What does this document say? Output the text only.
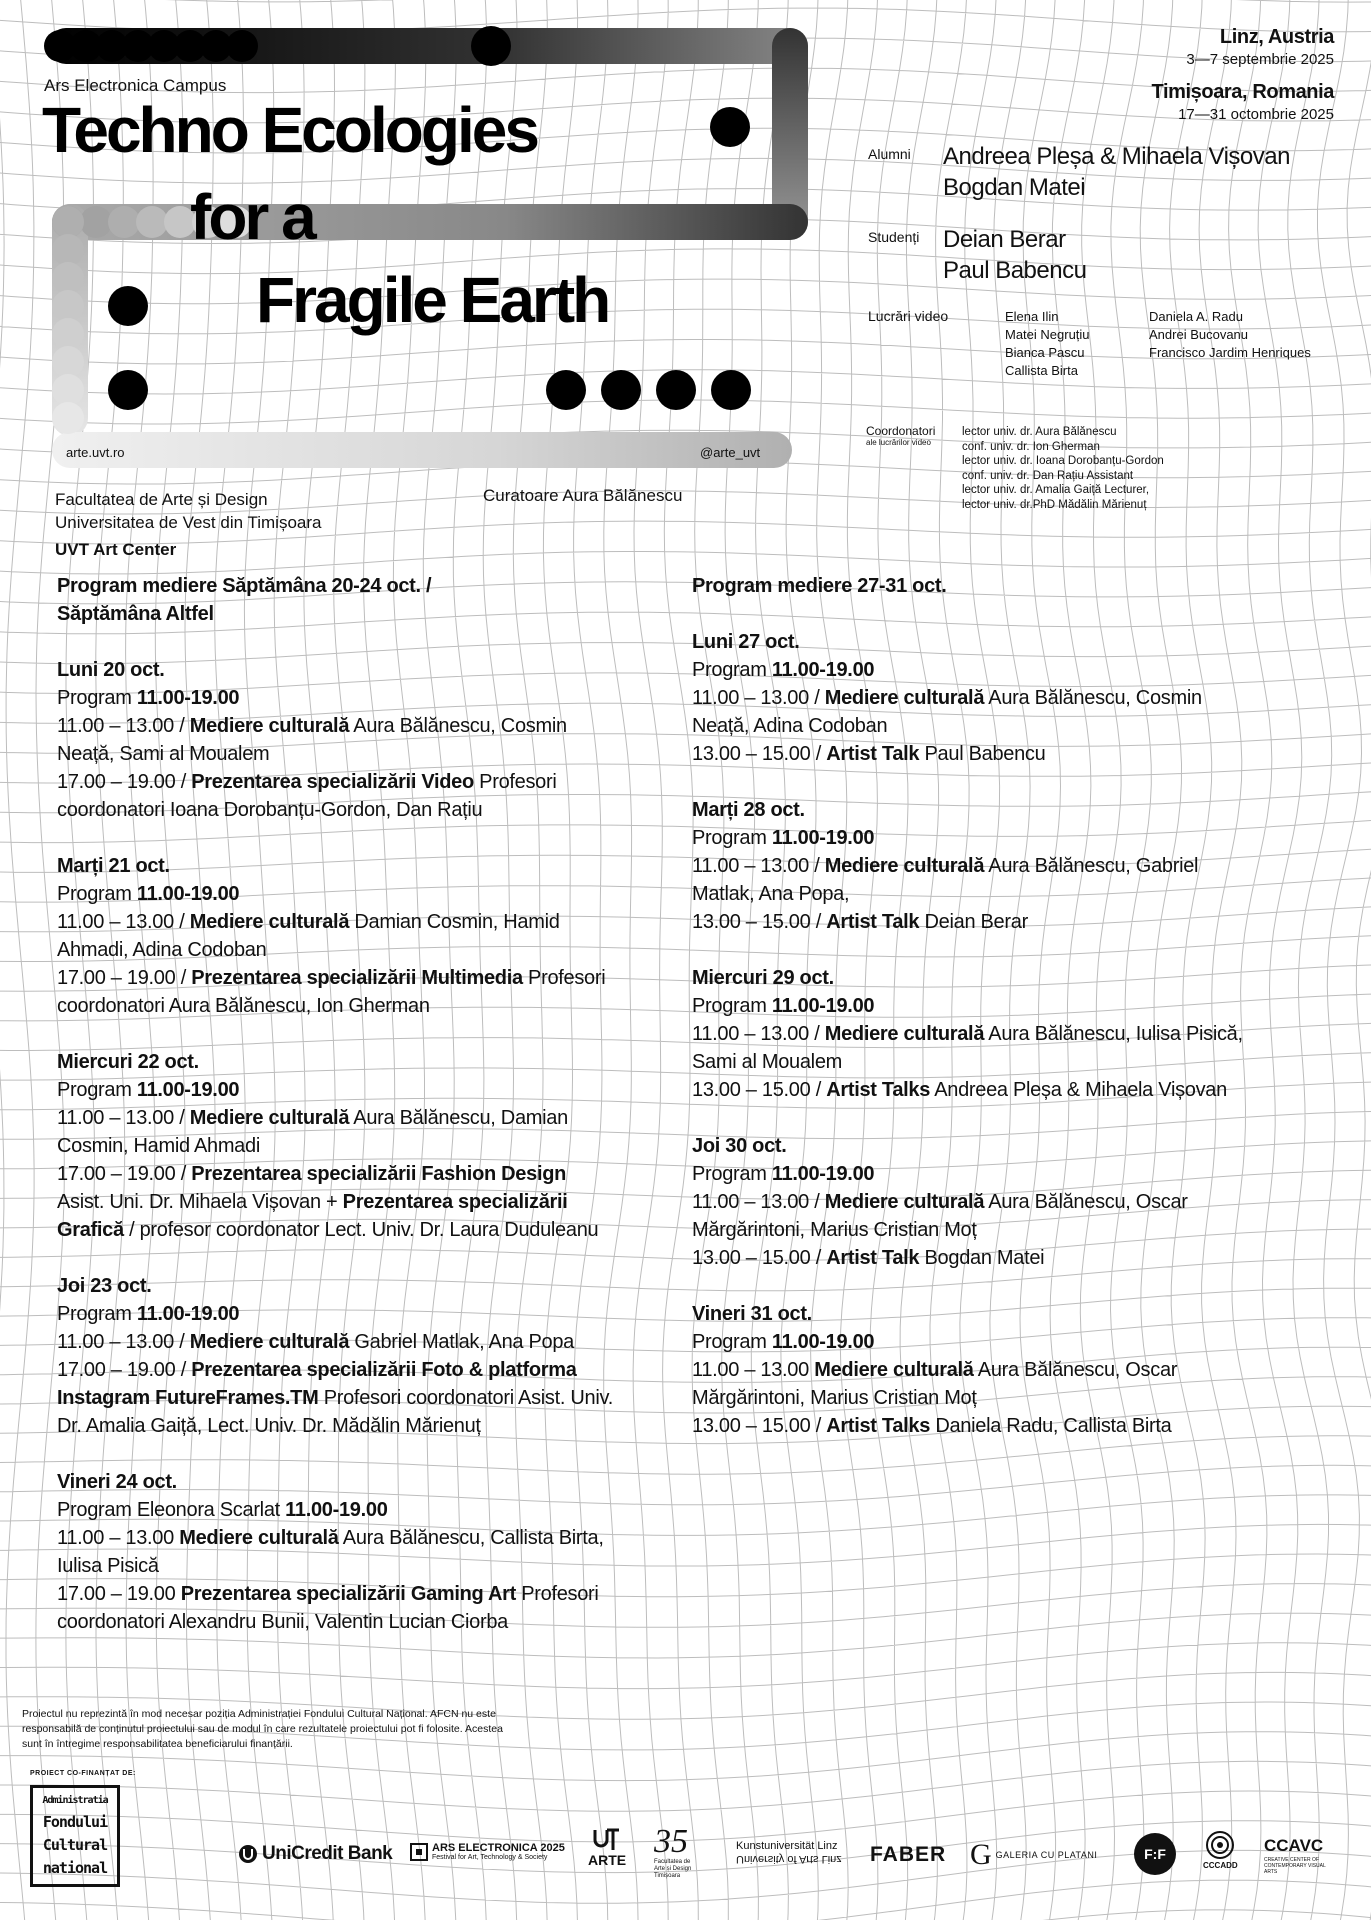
Ars Electronica Campus
Techno Ecologies
for a
Fragile Earth
arte.uvt.ro	@arte_uvt
Curatoare Aura Bălănescu
Facultatea de Arte și Design
Universitatea de Vest din Timișoara
UVT Art Center
Linz, Austria
3—7 septembrie 2025
Timișoara, Romania
17—31 octombrie 2025
Alumni Andreea Pleșa & Mihaela Vișovan
Bogdan Matei
Studenți Deian Berar
Paul Babencu
Lucrări video	Elena Ilin
Matei Negruțiu
Bianca Pascu
Callista Birta
Daniela A. Radu
Andrei Bucovanu
Francisco Jardim Henriques
Coordonatori
ale lucrărilor video
lector univ. dr. Aura Bălănescu
conf. univ. dr. Ion Gherman
lector univ. dr. Ioana Dorobanțu-Gordon
conf. univ. dr. Dan Rațiu Assistant
lector univ. dr. Amalia Gaiță Lecturer,
lector univ. dr.PhD Mădălin Mărienuț
Program mediere Săptămâna 20-24 oct. /
Săptămâna Altfel
Luni 20 oct.
Program 11.00-19.00
11.00 – 13.00 / Mediere culturală Aura Bălănescu, Cosmin
Neață, Sami al Moualem
17.00 – 19.00 / Prezentarea specializării Video Profesori
coordonatori Ioana Dorobanțu-Gordon, Dan Rațiu
Marți 21 oct.
Program 11.00-19.00
11.00 – 13.00 / Mediere culturală Damian Cosmin, Hamid
Ahmadi, Adina Codoban
17.00 – 19.00 / Prezentarea specializării Multimedia Profesori
coordonatori Aura Bălănescu, Ion Gherman
Miercuri 22 oct.
Program 11.00-19.00
11.00 – 13.00 / Mediere culturală Aura Bălănescu, Damian
Cosmin, Hamid Ahmadi
17.00 – 19.00 / Prezentarea specializării Fashion Design
Asist. Uni. Dr. Mihaela Vișovan + Prezentarea specializării
Grafică / profesor coordonator Lect. Univ. Dr. Laura Duduleanu
Joi 23 oct.
Program 11.00-19.00
11.00 – 13.00 / Mediere culturală Gabriel Matlak, Ana Popa
17.00 – 19.00 / Prezentarea specializării Foto & platforma
Instagram FutureFrames.TM Profesori coordonatori Asist. Univ.
Dr. Amalia Gaiță, Lect. Univ. Dr. Mădălin Mărienuț
Vineri 24 oct.
Program Eleonora Scarlat 11.00-19.00
11.00 – 13.00 Mediere culturală Aura Bălănescu, Callista Birta,
Iulisa Pisică
17.00 – 19.00 Prezentarea specializării Gaming Art Profesori
coordonatori Alexandru Bunii, Valentin Lucian Ciorba
Program mediere 27-31 oct.
Luni 27 oct.
Program 11.00-19.00
11.00 – 13.00 / Mediere culturală Aura Bălănescu, Cosmin
Neață, Adina Codoban
13.00 – 15.00 / Artist Talk Paul Babencu
Marți 28 oct.
Program 11.00-19.00
11.00 – 13.00 / Mediere culturală Aura Bălănescu, Gabriel
Matlak, Ana Popa,
13.00 – 15.00 / Artist Talk Deian Berar
Miercuri 29 oct.
Program 11.00-19.00
11.00 – 13.00 / Mediere culturală Aura Bălănescu, Iulisa Pisică,
Sami al Moualem
13.00 – 15.00 / Artist Talks Andreea Pleșa & Mihaela Vișovan
Joi 30 oct.
Program 11.00-19.00
11.00 – 13.00 / Mediere culturală Aura Bălănescu, Oscar
Mărgărintoni, Marius Cristian Moț
13.00 – 15.00 / Artist Talk Bogdan Matei
Vineri 31 oct.
Program 11.00-19.00
11.00 – 13.00 Mediere culturală Aura Bălănescu, Oscar
Mărgărintoni, Marius Cristian Moț
13.00 – 15.00 / Artist Talks Daniela Radu, Callista Birta
Proiectul nu reprezintă în mod necesar poziția Administrației Fondului Cultural Național. AFCN nu este
responsabilă de conținutul proiectului sau de modul în care rezultatele proiectului pot fi folosite. Acestea
sunt în întregime responsabilitatea beneficiarului finanțării.
PROIECT CO-FINANȚAT DE:
Administratia
Fondului
Cultural
national
UniCredit Bank	ARS ELECTRONICA 2025
Festival for Art, Technology & Society	ARTE 35
Facultatea de Arte și Design Timișoara
Kunstuniversität Linz
University of Arts Linz FABER G GALERIA CU PLATANI	F:F
CCCADD
CCAVC
CREATIVE CENTER OF CONTEMPORARY VISUAL ARTS
